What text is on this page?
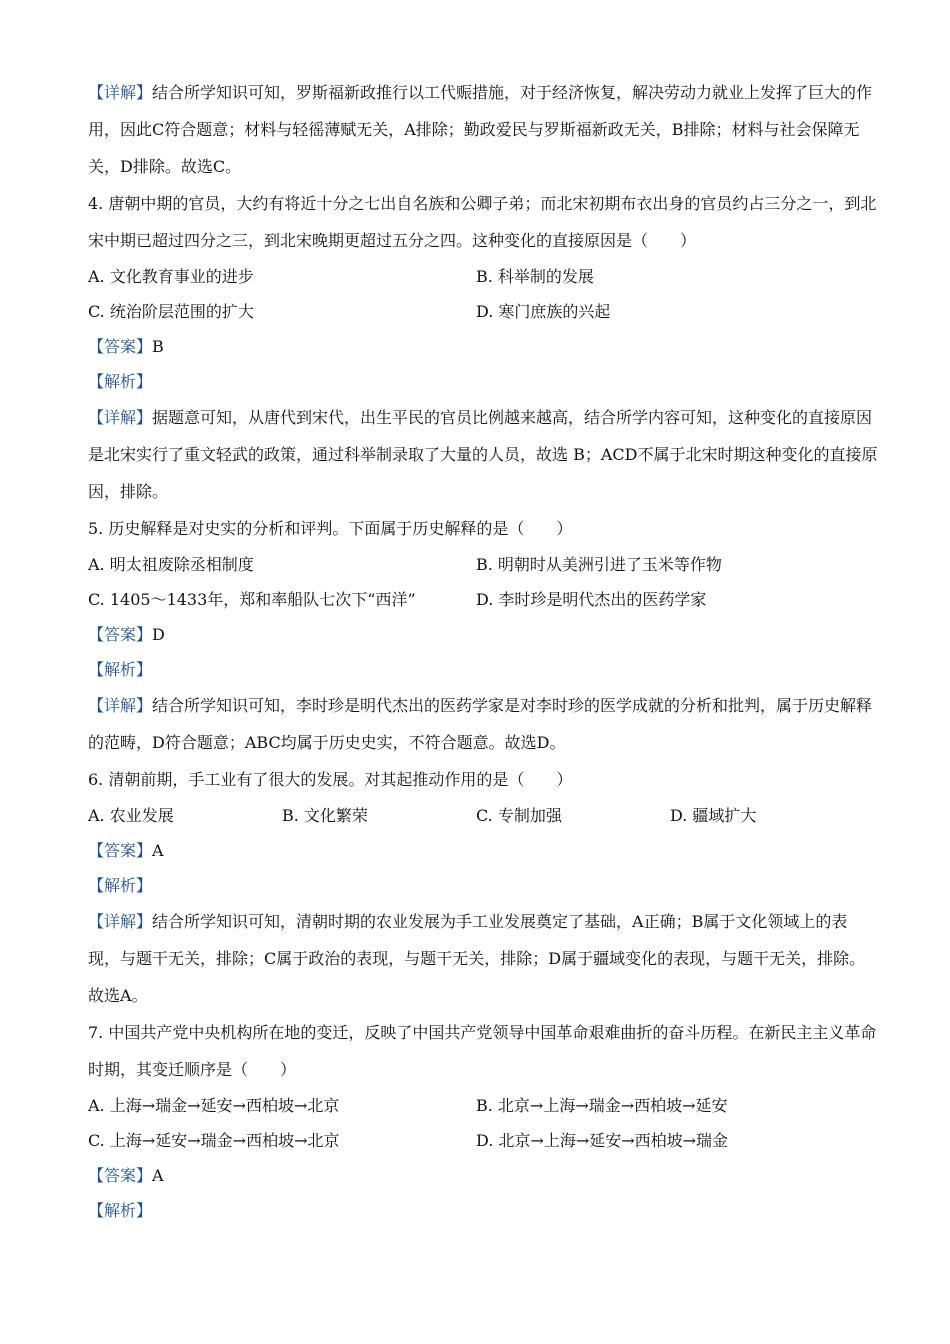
【详解】结合所学知识可知，罗斯福新政推行以工代赈措施，对于经济恢复，解决劳动力就业上发挥了巨大的作用，因此C符合题意；材料与轻徭薄赋无关，A排除；勤政爱民与罗斯福新政无关，B排除；材料与社会保障无关，D排除。故选C。

4. 唐朝中期的官员，大约有将近十分之七出自名族和公卿子弟；而北宋初期布衣出身的官员约占三分之一，到北宋中期已超过四分之三，到北宋晚期更超过五分之四。这种变化的直接原因是（　　）

A. 文化教育事业的进步	B. 科举制的发展
C. 统治阶层范围的扩大	D. 寒门庶族的兴起
【答案】B
【解析】

【详解】据题意可知，从唐代到宋代，出生平民的官员比例越来越高，结合所学内容可知，这种变化的直接原因是北宋实行了重文轻武的政策，通过科举制录取了大量的人员，故选 B；ACD不属于北宋时期这种变化的直接原因，排除。

5. 历史解释是对史实的分析和评判。下面属于历史解释的是（　　）

A. 明太祖废除丞相制度	B. 明朝时从美洲引进了玉米等作物
C. 1405～1433年，郑和率船队七次下“西洋”	D. 李时珍是明代杰出的医药学家
【答案】D
【解析】

【详解】结合所学知识可知，李时珍是明代杰出的医药学家是对李时珍的医学成就的分析和批判，属于历史解释的范畴，D符合题意；ABC均属于历史史实，不符合题意。故选D。

6. 清朝前期，手工业有了很大的发展。对其起推动作用的是（　　）

A. 农业发展	B. 文化繁荣	C. 专制加强	D. 疆域扩大
【答案】A
【解析】

【详解】结合所学知识可知，清朝时期的农业发展为手工业发展奠定了基础，A正确；B属于文化领域上的表现，与题干无关，排除；C属于政治的表现，与题干无关，排除；D属于疆域变化的表现，与题干无关，排除。故选A。

7. 中国共产党中央机构所在地的变迁，反映了中国共产党领导中国革命艰难曲折的奋斗历程。在新民主主义革命时期，其变迁顺序是（　　）

A. 上海→瑞金→延安→西柏坡→北京	B. 北京→上海→瑞金→西柏坡→延安
C. 上海→延安→瑞金→西柏坡→北京	D. 北京→上海→延安→西柏坡→瑞金
【答案】A
【解析】
